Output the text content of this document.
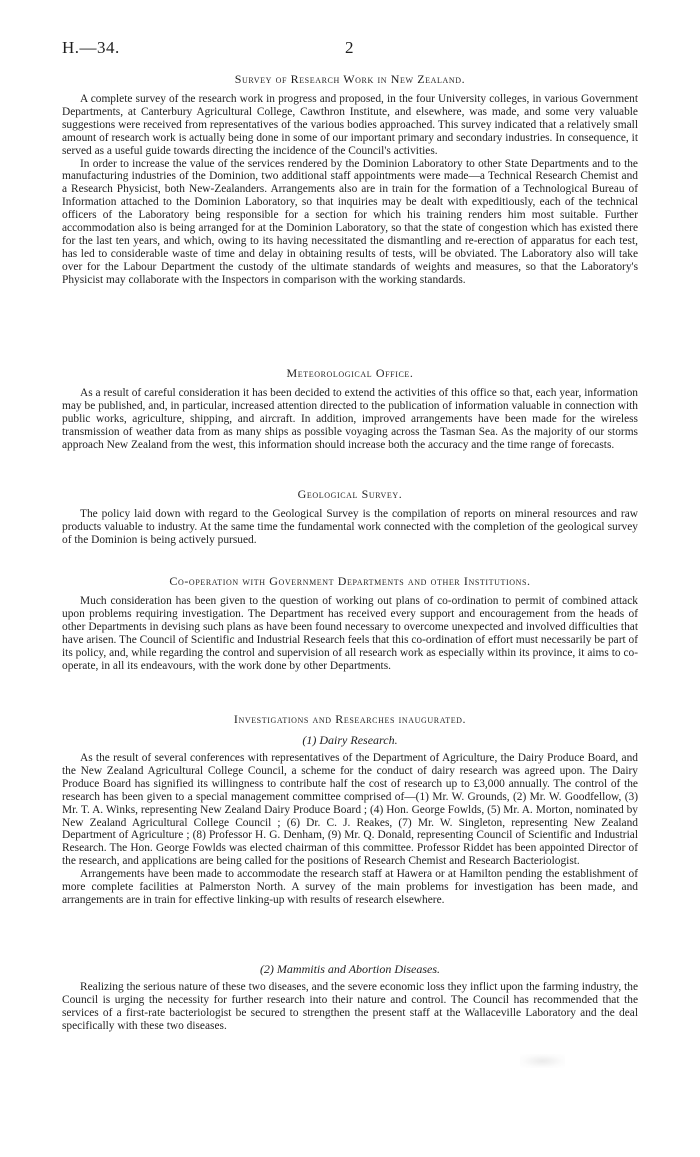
H.—34.	2
Survey of Research Work in New Zealand.

A complete survey of the research work in progress and proposed, in the four University colleges, in various Government Departments, at Canterbury Agricultural College, Cawthron Institute, and elsewhere, was made, and some very valuable suggestions were received from representatives of the various bodies approached. This survey indicated that a relatively small amount of research work is actually being done in some of our important primary and secondary industries. In consequence, it served as a useful guide towards directing the incidence of the Council's activities.

In order to increase the value of the services rendered by the Dominion Laboratory to other State Departments and to the manufacturing industries of the Dominion, two additional staff appointments were made—a Technical Research Chemist and a Research Physicist, both New-Zealanders. Arrangements also are in train for the formation of a Technological Bureau of Information attached to the Dominion Laboratory, so that inquiries may be dealt with expeditiously, each of the technical officers of the Laboratory being responsible for a section for which his training renders him most suitable. Further accommodation also is being arranged for at the Dominion Laboratory, so that the state of congestion which has existed there for the last ten years, and which, owing to its having necessitated the dismantling and re-erection of apparatus for each test, has led to considerable waste of time and delay in obtaining results of tests, will be obviated. The Laboratory also will take over for the Labour Department the custody of the ultimate standards of weights and measures, so that the Laboratory's Physicist may collaborate with the Inspectors in comparison with the working standards.

Meteorological Office.

As a result of careful consideration it has been decided to extend the activities of this office so that, each year, information may be published, and, in particular, increased attention directed to the publication of information valuable in connection with public works, agriculture, shipping, and aircraft. In addition, improved arrangements have been made for the wireless transmission of weather data from as many ships as possible voyaging across the Tasman Sea. As the majority of our storms approach New Zealand from the west, this information should increase both the accuracy and the time range of forecasts.

Geological Survey.

The policy laid down with regard to the Geological Survey is the compilation of reports on mineral resources and raw products valuable to industry. At the same time the fundamental work connected with the completion of the geological survey of the Dominion is being actively pursued.

Co-operation with Government Departments and other Institutions.

Much consideration has been given to the question of working out plans of co-ordination to permit of combined attack upon problems requiring investigation. The Department has received every support and encouragement from the heads of other Departments in devising such plans as have been found necessary to overcome unexpected and involved difficulties that have arisen. The Council of Scientific and Industrial Research feels that this co-ordination of effort must necessarily be part of its policy, and, while regarding the control and supervision of all research work as especially within its province, it aims to co-operate, in all its endeavours, with the work done by other Departments.

Investigations and Researches inaugurated.
(1) Dairy Research.

As the result of several conferences with representatives of the Department of Agriculture, the Dairy Produce Board, and the New Zealand Agricultural College Council, a scheme for the conduct of dairy research was agreed upon. The Dairy Produce Board has signified its willingness to contribute half the cost of research up to £3,000 annually. The control of the research has been given to a special management committee comprised of—(1) Mr. W. Grounds, (2) Mr. W. Goodfellow, (3) Mr. T. A. Winks, representing New Zealand Dairy Produce Board ; (4) Hon. George Fowlds, (5) Mr. A. Morton, nominated by New Zealand Agricultural College Council ; (6) Dr. C. J. Reakes, (7) Mr. W. Singleton, representing New Zealand Department of Agriculture ; (8) Professor H. G. Denham, (9) Mr. Q. Donald, representing Council of Scientific and Industrial Research. The Hon. George Fowlds was elected chairman of this committee. Professor Riddet has been appointed Director of the research, and applications are being called for the positions of Research Chemist and Research Bacteriologist.

Arrangements have been made to accommodate the research staff at Hawera or at Hamilton pending the establishment of more complete facilities at Palmerston North. A survey of the main problems for investigation has been made, and arrangements are in train for effective linking-up with results of research elsewhere.

(2) Mammitis and Abortion Diseases.

Realizing the serious nature of these two diseases, and the severe economic loss they inflict upon the farming industry, the Council is urging the necessity for further research into their nature and control. The Council has recommended that the services of a first-rate bacteriologist be secured to strengthen the present staff at the Wallaceville Laboratory and the deal specifically with these two diseases.
